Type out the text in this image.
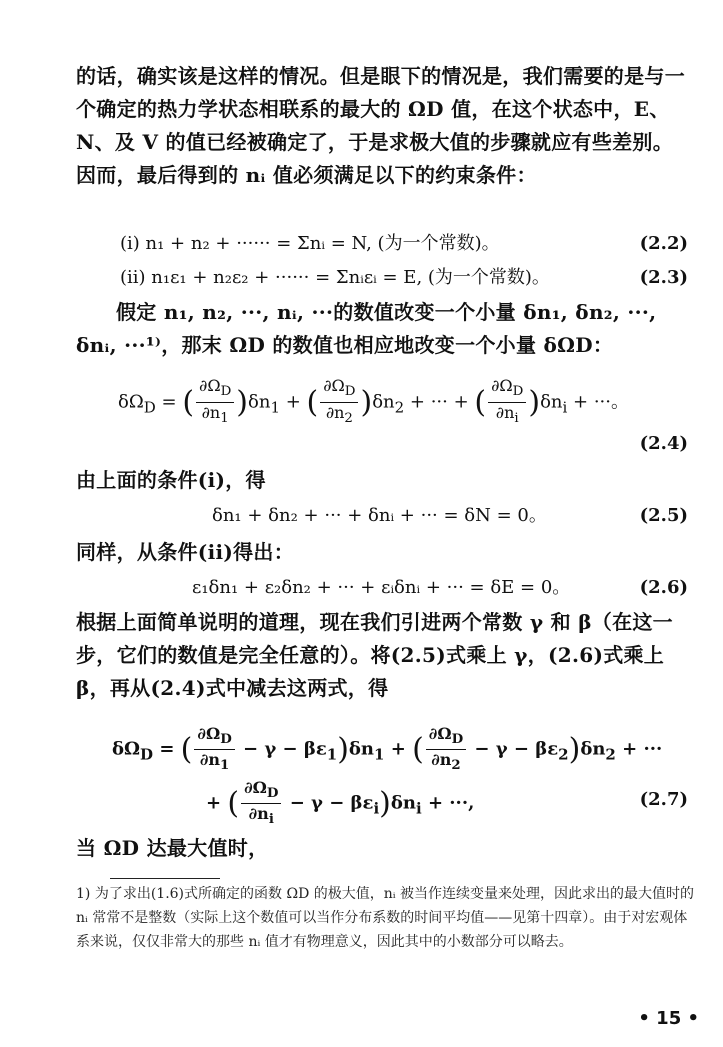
的话，确实该是这样的情况。但是眼下的情况是，我们需要的是与一个确定的热力学状态相联系的最大的 ΩD 值，在这个状态中，E、N、及 V 的值已经被确定了，于是求极大值的步骤就应有些差别。因而，最后得到的 nᵢ 值必须满足以下的约束条件：
(i) n₁ + n₂ + ······ = Σnᵢ = N, (为一个常数)。	(2.2)
(ii) n₁ε₁ + n₂ε₂ + ······ = Σnᵢεᵢ = E, (为一个常数)。	(2.3)
假定 n₁, n₂, ···, nᵢ, ···的数值改变一个小量 δn₁, δn₂, ···, δnᵢ, ···¹⁾，那末 ΩD 的数值也相应地改变一个小量 δΩD：
$\delta\Omega_D$ = ( $\frac{\partial\Omega_D}{\partial n_1} )\delta n_1$ + ( $\frac{\partial\Omega_D}{\partial n_2} )\delta n_2$ + ··· + ( $\frac{\partial\Omega_D}{\partial n_i} )\delta n_i$ + ···。
(2.4)
由上面的条件(i)，得
δn₁ + δn₂ + ··· + δnᵢ + ··· = δN = 0。	(2.5)
同样，从条件(ii)得出：
ε₁δn₁ + ε₂δn₂ + ··· + εᵢδnᵢ + ··· = δE = 0。	(2.6)
根据上面简单说明的道理，现在我们引进两个常数 γ 和 β（在这一步，它们的数值是完全任意的）。将(2.5)式乘上 γ，(2.6)式乘上 β，再从(2.4)式中减去这两式，得
$\delta\Omega_D$ = ( $\frac{\partial\Omega_D}{\partial n_1} - \gamma - \beta\varepsilon_1)\delta n_1$ + ( $\frac{\partial\Omega_D}{\partial n_2} - \gamma - \beta\varepsilon_2)\delta n_2$ + ···
+ ( $\frac{\partial\Omega_D}{\partial n_i} - \gamma - \beta\varepsilon_i)\delta n_i$ + ···,	(2.7)
当 ΩD 达最大值时，
1) 为了求出(1.6)式所确定的函数 ΩD 的极大值，nᵢ 被当作连续变量来处理，因此求出的最大值时的 nᵢ 常常不是整数（实际上这个数值可以当作分布系数的时间平均值——见第十四章）。由于对宏观体系来说，仅仅非常大的那些 nᵢ 值才有物理意义，因此其中的小数部分可以略去。
• 15 •
